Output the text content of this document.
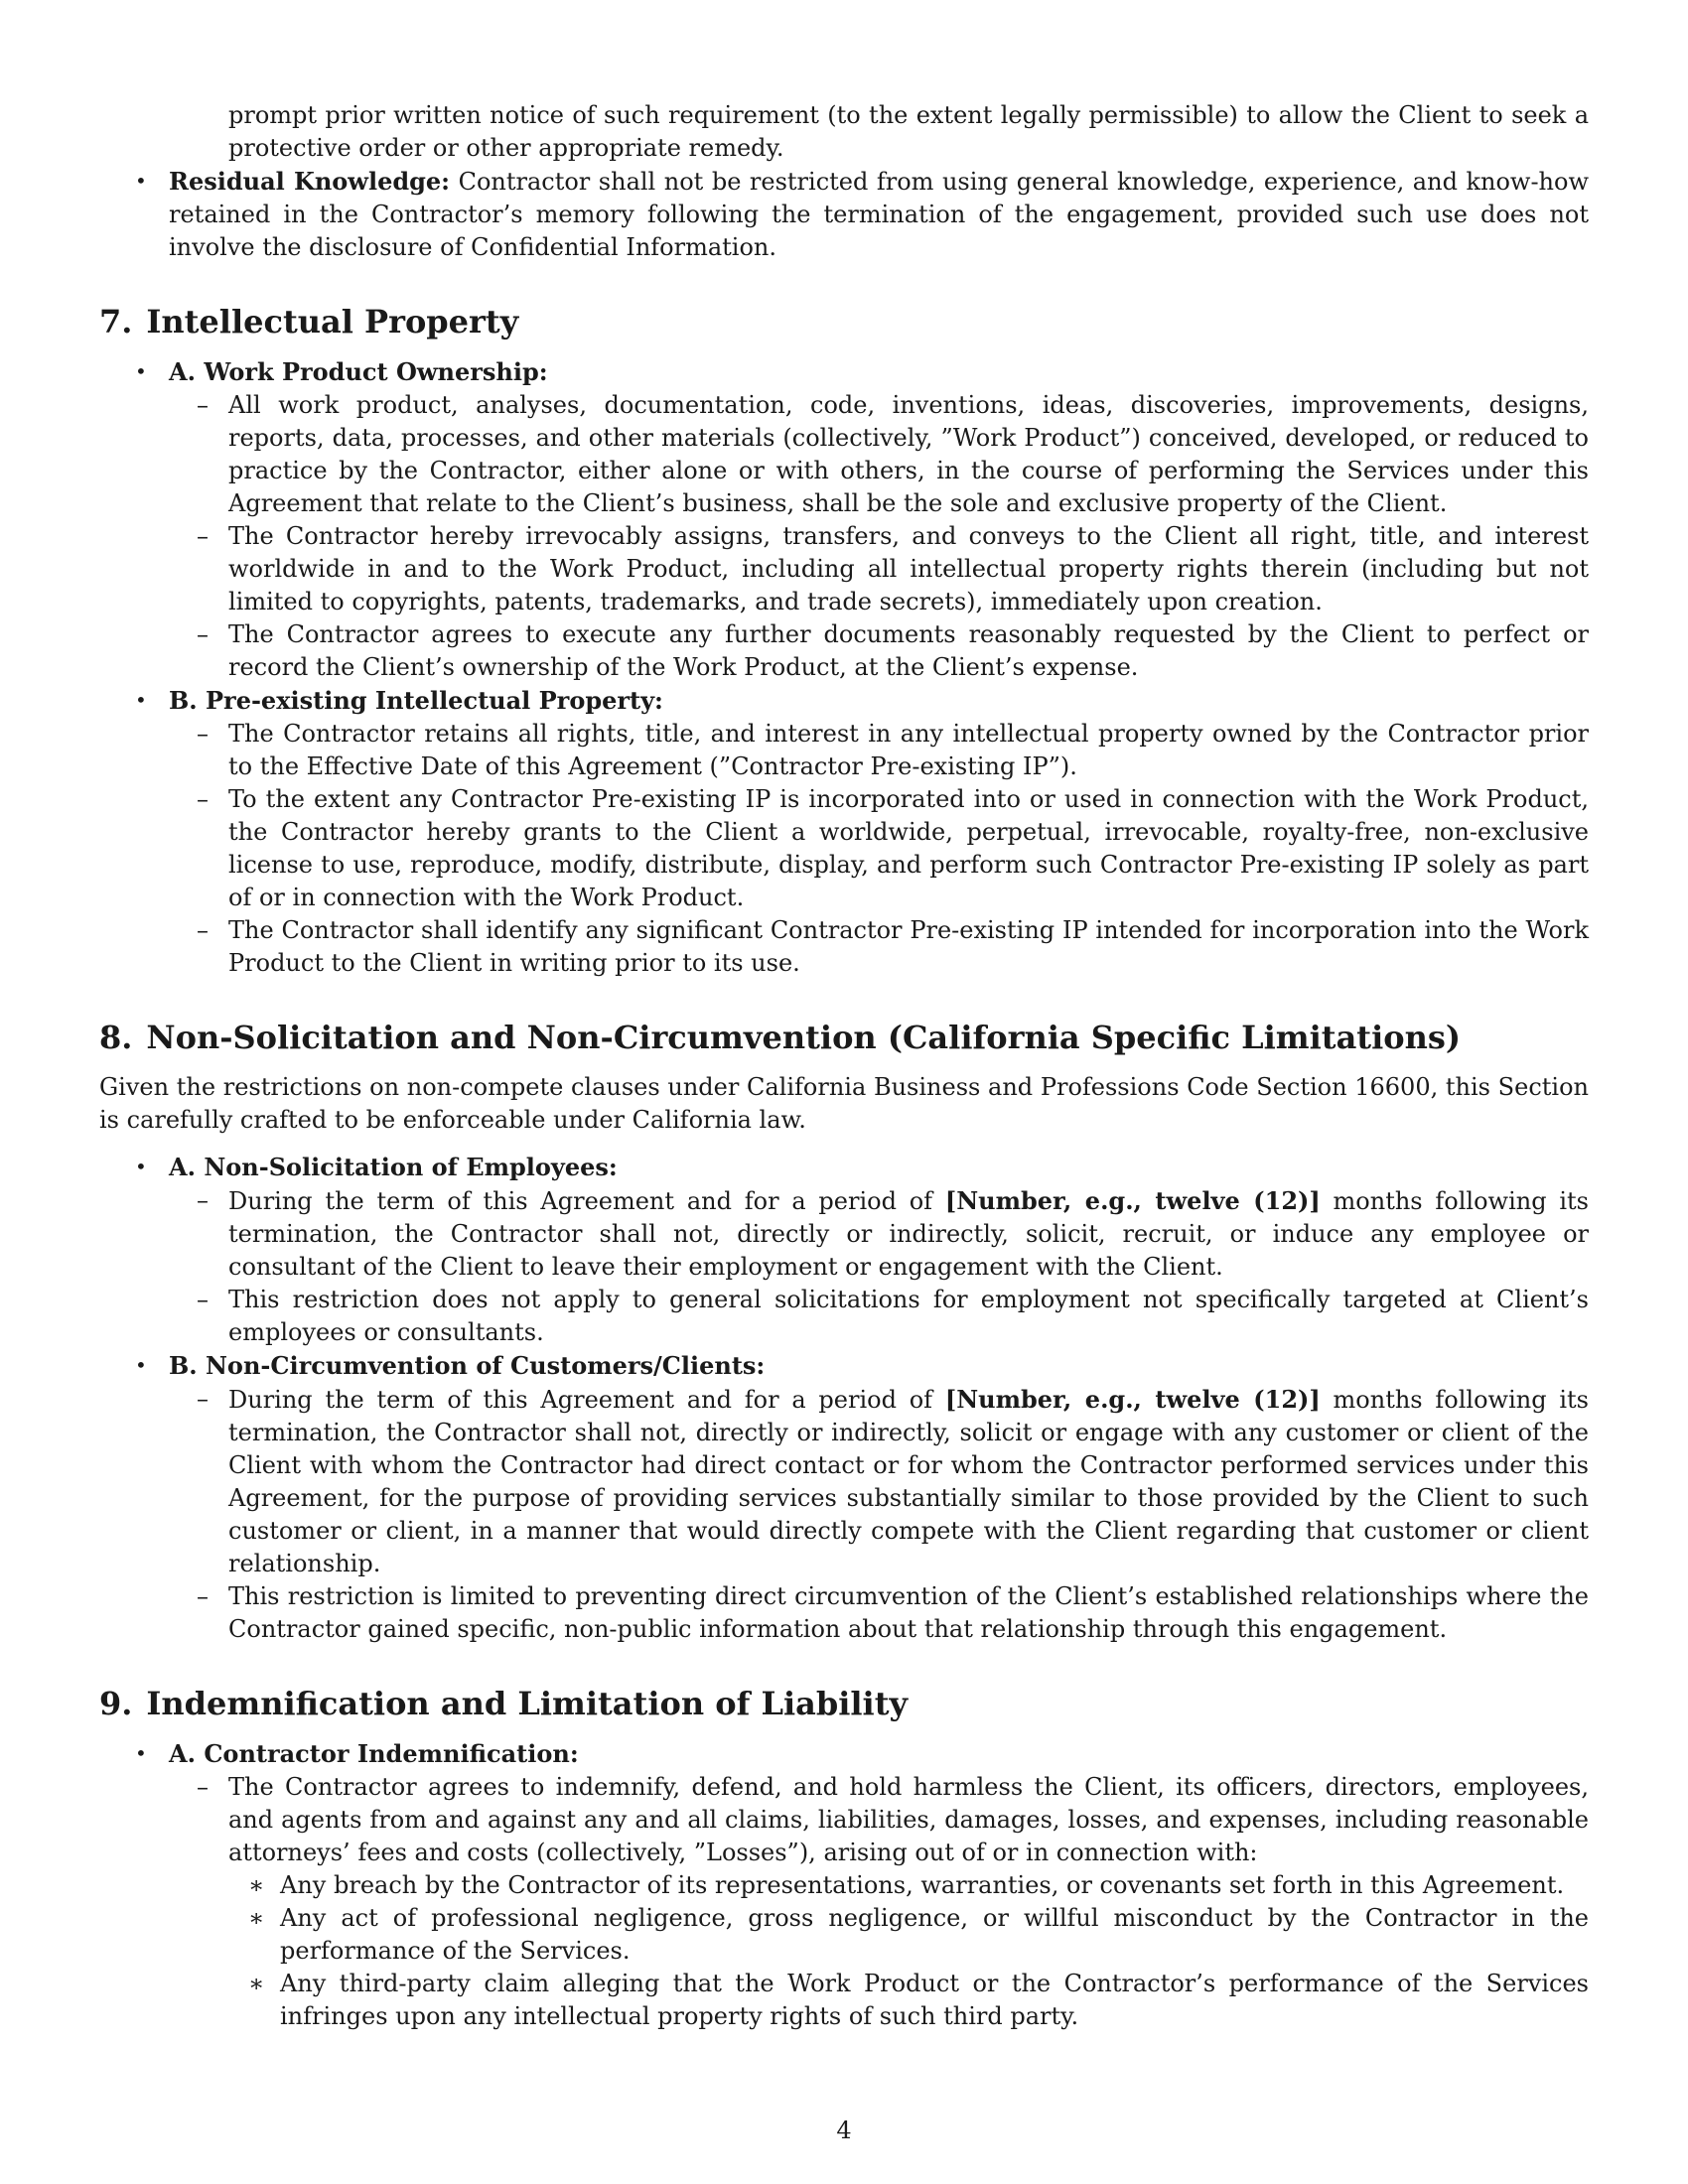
prompt prior written notice of such requirement (to the extent legally permissible) to allow the Client to seek a protective order or other appropriate remedy.

• Residual Knowledge: Contractor shall not be restricted from using general knowledge, experience, and know-how retained in the Contractor’s memory following the termination of the engagement, provided such use does not involve the disclosure of Confidential Information.
7. Intellectual Property
• A. Work Product Ownership:
– All work product, analyses, documentation, code, inventions, ideas, discoveries, improvements, designs, reports, data, processes, and other materials (collectively, ”Work Product”) conceived, developed, or reduced to practice by the Contractor, either alone or with others, in the course of performing the Services under this Agreement that relate to the Client’s business, shall be the sole and exclusive property of the Client.
– The Contractor hereby irrevocably assigns, transfers, and conveys to the Client all right, title, and interest worldwide in and to the Work Product, including all intellectual property rights therein (including but not limited to copyrights, patents, trademarks, and trade secrets), immediately upon creation.
– The Contractor agrees to execute any further documents reasonably requested by the Client to perfect or record the Client’s ownership of the Work Product, at the Client’s expense.
• B. Pre-existing Intellectual Property:
– The Contractor retains all rights, title, and interest in any intellectual property owned by the Contractor prior to the Effective Date of this Agreement (”Contractor Pre-existing IP”).
– To the extent any Contractor Pre-existing IP is incorporated into or used in connection with the Work Product, the Contractor hereby grants to the Client a worldwide, perpetual, irrevocable, royalty-free, non-exclusive license to use, reproduce, modify, distribute, display, and perform such Contractor Pre-existing IP solely as part of or in connection with the Work Product.
– The Contractor shall identify any significant Contractor Pre-existing IP intended for incorporation into the Work Product to the Client in writing prior to its use.
8. Non-Solicitation and Non-Circumvention (California Specific Limitations)

Given the restrictions on non-compete clauses under California Business and Professions Code Section 16600, this Section is carefully crafted to be enforceable under California law.

• A. Non-Solicitation of Employees:
– During the term of this Agreement and for a period of [Number, e.g., twelve (12)] months following its termination, the Contractor shall not, directly or indirectly, solicit, recruit, or induce any employee or consultant of the Client to leave their employment or engagement with the Client.
– This restriction does not apply to general solicitations for employment not specifically targeted at Client’s employees or consultants.
• B. Non-Circumvention of Customers/Clients:
– During the term of this Agreement and for a period of [Number, e.g., twelve (12)] months following its termination, the Contractor shall not, directly or indirectly, solicit or engage with any customer or client of the Client with whom the Contractor had direct contact or for whom the Contractor performed services under this Agreement, for the purpose of providing services substantially similar to those provided by the Client to such customer or client, in a manner that would directly compete with the Client regarding that customer or client relationship.
– This restriction is limited to preventing direct circumvention of the Client’s established relationships where the Contractor gained specific, non-public information about that relationship through this engagement.
9. Indemnification and Limitation of Liability
• A. Contractor Indemnification:
– The Contractor agrees to indemnify, defend, and hold harmless the Client, its officers, directors, employees, and agents from and against any and all claims, liabilities, damages, losses, and expenses, including reasonable attorneys’ fees and costs (collectively, ”Losses”), arising out of or in connection with:
∗ Any breach by the Contractor of its representations, warranties, or covenants set forth in this Agreement.
∗ Any act of professional negligence, gross negligence, or willful misconduct by the Contractor in the performance of the Services.
∗ Any third-party claim alleging that the Work Product or the Contractor’s performance of the Services infringes upon any intellectual property rights of such third party.
4
